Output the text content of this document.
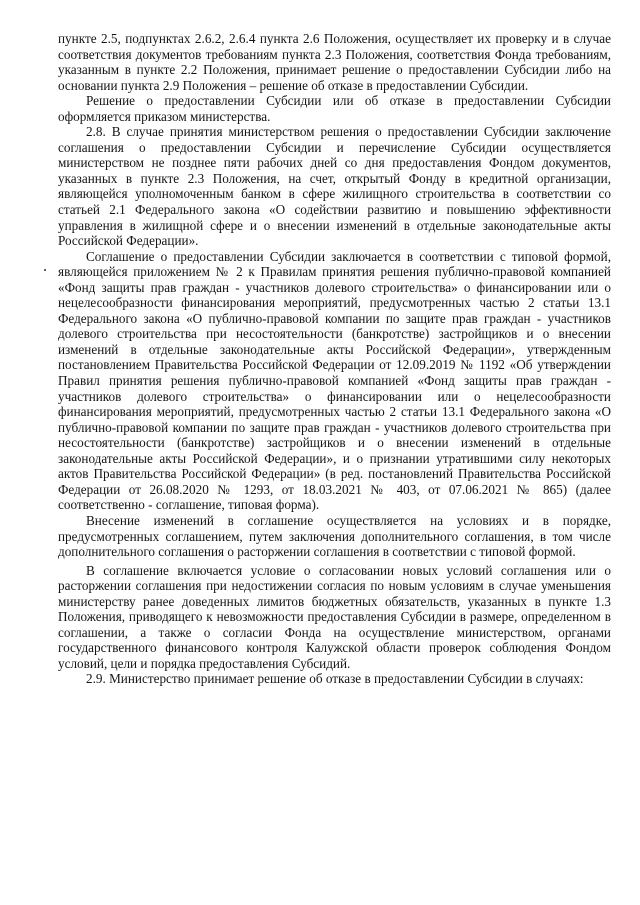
пункте 2.5, подпунктах 2.6.2, 2.6.4 пункта 2.6 Положения, осуществляет их проверку и в случае соответствия документов требованиям пункта 2.3 Положения, соответствия Фонда требованиям, указанным в пункте 2.2 Положения, принимает решение о предоставлении Субсидии либо на основании пункта 2.9 Положения – решение об отказе в предоставлении Субсидии.

Решение о предоставлении Субсидии или об отказе в предоставлении Субсидии оформляется приказом министерства.

2.8. В случае принятия министерством решения о предоставлении Субсидии заключение соглашения о предоставлении Субсидии и перечисление Субсидии осуществляется министерством не позднее пяти рабочих дней со дня предоставления Фондом документов, указанных в пункте 2.3 Положения, на счет, открытый Фонду в кредитной организации, являющейся уполномоченным банком в сфере жилищного строительства в соответствии со статьей 2.1 Федерального закона «О содействии развитию и повышению эффективности управления в жилищной сфере и о внесении изменений в отдельные законодательные акты Российской Федерации».

Соглашение о предоставлении Субсидии заключается в соответствии с типовой формой, являющейся приложением № 2 к Правилам принятия решения публично-правовой компанией «Фонд защиты прав граждан - участников долевого строительства» о финансировании или о нецелесообразности финансирования мероприятий, предусмотренных частью 2 статьи 13.1 Федерального закона «О публично-правовой компании по защите прав граждан - участников долевого строительства при несостоятельности (банкротстве) застройщиков и о внесении изменений в отдельные законодательные акты Российской Федерации», утвержденным постановлением Правительства Российской Федерации от 12.09.2019 № 1192 «Об утверждении Правил принятия решения публично-правовой компанией «Фонд защиты прав граждан - участников долевого строительства» о финансировании или о нецелесообразности финансирования мероприятий, предусмотренных частью 2 статьи 13.1 Федерального закона «О публично-правовой компании по защите прав граждан - участников долевого строительства при несостоятельности (банкротстве) застройщиков и о внесении изменений в отдельные законодательные акты Российской Федерации», и о признании утратившими силу некоторых актов Правительства Российской Федерации» (в ред. постановлений Правительства Российской Федерации от 26.08.2020 № 1293, от 18.03.2021 № 403, от 07.06.2021 № 865) (далее соответственно - соглашение, типовая форма).

Внесение изменений в соглашение осуществляется на условиях и в порядке, предусмотренных соглашением, путем заключения дополнительного соглашения, в том числе дополнительного соглашения о расторжении соглашения в соответствии с типовой формой.

В соглашение включается условие о согласовании новых условий соглашения или о расторжении соглашения при недостижении согласия по новым условиям в случае уменьшения министерству ранее доведенных лимитов бюджетных обязательств, указанных в пункте 1.3 Положения, приводящего к невозможности предоставления Субсидии в размере, определенном в соглашении, а также о согласии Фонда на осуществление министерством, органами государственного финансового контроля Калужской области проверок соблюдения Фондом условий, цели и порядка предоставления Субсидий.

2.9. Министерство принимает решение об отказе в предоставлении Субсидии в случаях:
